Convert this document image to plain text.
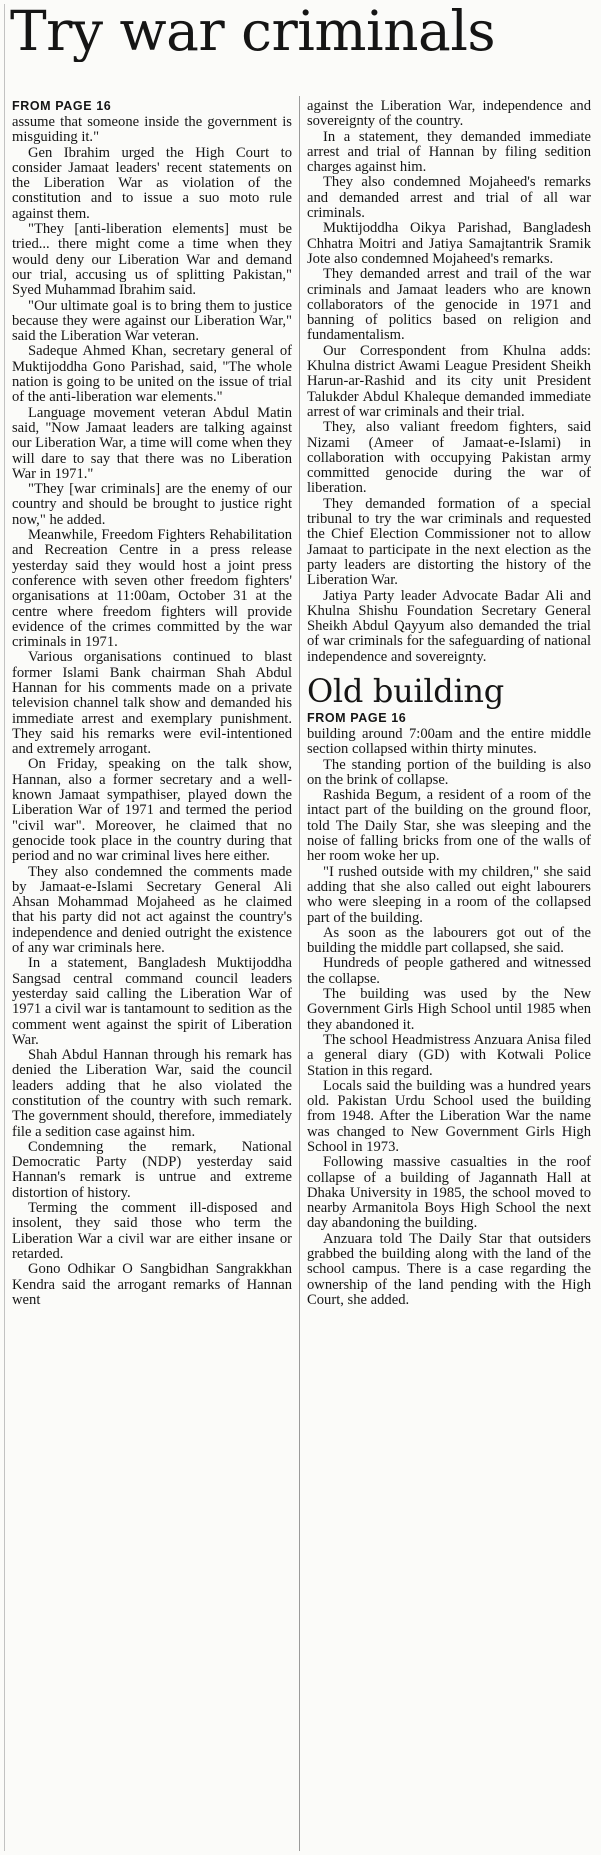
Try war criminals
FROM PAGE 16

assume that someone inside the government is misguiding it."

Gen Ibrahim urged the High Court to consider Jamaat leaders' recent statements on the Liberation War as violation of the constitution and to issue a suo moto rule against them.

"They [anti-liberation elements] must be tried... there might come a time when they would deny our Liberation War and demand our trial, accusing us of splitting Pakistan," Syed Muhammad Ibrahim said.

"Our ultimate goal is to bring them to justice because they were against our Liberation War," said the Liberation War veteran.

Sadeque Ahmed Khan, secretary general of Muktijoddha Gono Parishad, said, "The whole nation is going to be united on the issue of trial of the anti-liberation war elements."

Language movement veteran Abdul Matin said, "Now Jamaat leaders are talking against our Liberation War, a time will come when they will dare to say that there was no Liberation War in 1971."

"They [war criminals] are the enemy of our country and should be brought to justice right now," he added.

Meanwhile, Freedom Fighters Rehabilitation and Recreation Centre in a press release yesterday said they would host a joint press conference with seven other freedom fighters' organisations at 11:00am, October 31 at the centre where freedom fighters will provide evidence of the crimes committed by the war criminals in 1971.

Various organisations continued to blast former Islami Bank chairman Shah Abdul Hannan for his comments made on a private television channel talk show and demanded his immediate arrest and exemplary punishment. They said his remarks were evil-intentioned and extremely arrogant.

On Friday, speaking on the talk show, Hannan, also a former secretary and a well-known Jamaat sympathiser, played down the Liberation War of 1971 and termed the period "civil war". Moreover, he claimed that no genocide took place in the country during that period and no war criminal lives here either.

They also condemned the comments made by Jamaat-e-Islami Secretary General Ali Ahsan Mohammad Mojaheed as he claimed that his party did not act against the country's independence and denied outright the existence of any war criminals here.

In a statement, Bangladesh Muktijoddha Sangsad central command council leaders yesterday said calling the Liberation War of 1971 a civil war is tantamount to sedition as the comment went against the spirit of Liberation War.

Shah Abdul Hannan through his remark has denied the Liberation War, said the council leaders adding that he also violated the constitution of the country with such remark. The government should, therefore, immediately file a sedition case against him.

Condemning the remark, National Democratic Party (NDP) yesterday said Hannan's remark is untrue and extreme distortion of history.

Terming the comment ill-disposed and insolent, they said those who term the Liberation War a civil war are either insane or retarded.

Gono Odhikar O Sangbidhan Sangrakkhan Kendra said the arrogant remarks of Hannan went

against the Liberation War, independence and sovereignty of the country.

In a statement, they demanded immediate arrest and trial of Hannan by filing sedition charges against him.

They also condemned Mojaheed's remarks and demanded arrest and trial of all war criminals.

Muktijoddha Oikya Parishad, Bangladesh Chhatra Moitri and Jatiya Samajtantrik Sramik Jote also condemned Mojaheed's remarks.

They demanded arrest and trail of the war criminals and Jamaat leaders who are known collaborators of the genocide in 1971 and banning of politics based on religion and fundamentalism.

Our Correspondent from Khulna adds: Khulna district Awami League President Sheikh Harun-ar-Rashid and its city unit President Talukder Abdul Khaleque demanded immediate arrest of war criminals and their trial.

They, also valiant freedom fighters, said Nizami (Ameer of Jamaat-e-Islami) in collaboration with occupying Pakistan army committed genocide during the war of liberation.

They demanded formation of a special tribunal to try the war criminals and requested the Chief Election Commissioner not to allow Jamaat to participate in the next election as the party leaders are distorting the history of the Liberation War.

Jatiya Party leader Advocate Badar Ali and Khulna Shishu Foundation Secretary General Sheikh Abdul Qayyum also demanded the trial of war criminals for the safeguarding of national independence and sovereignty.

Old building
FROM PAGE 16

building around 7:00am and the entire middle section collapsed within thirty minutes.

The standing portion of the building is also on the brink of collapse.

Rashida Begum, a resident of a room of the intact part of the building on the ground floor, told The Daily Star, she was sleeping and the noise of falling bricks from one of the walls of her room woke her up.

"I rushed outside with my children," she said adding that she also called out eight labourers who were sleeping in a room of the collapsed part of the building.

As soon as the labourers got out of the building the middle part collapsed, she said.

Hundreds of people gathered and witnessed the collapse.

The building was used by the New Government Girls High School until 1985 when they abandoned it.

The school Headmistress Anzuara Anisa filed a general diary (GD) with Kotwali Police Station in this regard.

Locals said the building was a hundred years old. Pakistan Urdu School used the building from 1948. After the Liberation War the name was changed to New Government Girls High School in 1973.

Following massive casualties in the roof collapse of a building of Jagannath Hall at Dhaka University in 1985, the school moved to nearby Armanitola Boys High School the next day abandoning the building.

Anzuara told The Daily Star that outsiders grabbed the building along with the land of the school campus. There is a case regarding the ownership of the land pending with the High Court, she added.
